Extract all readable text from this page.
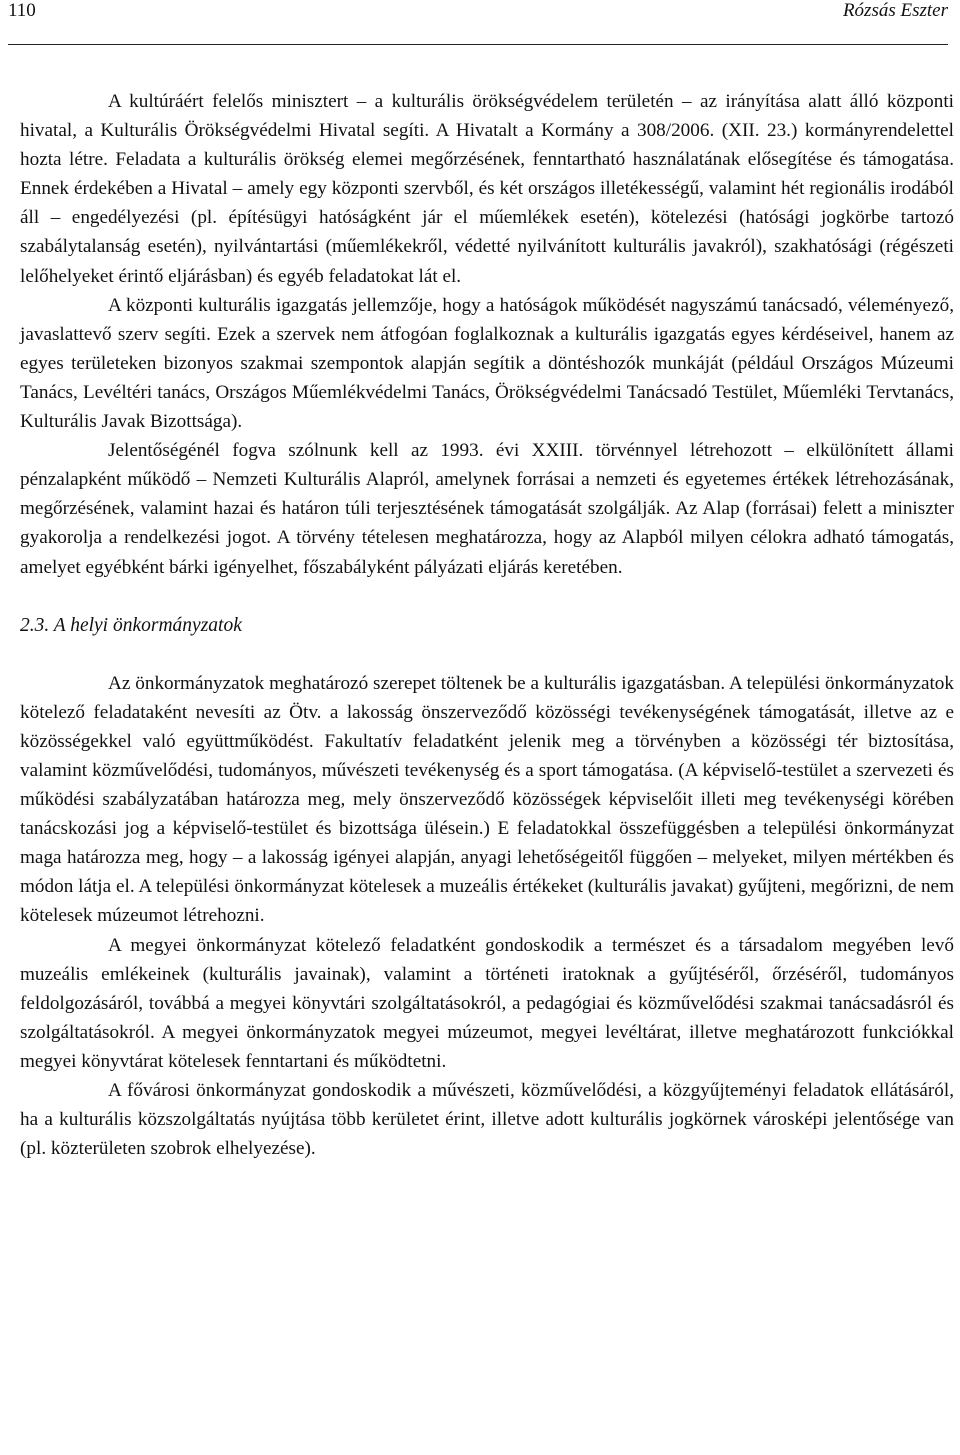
110	Rózsás Eszter

A kultúráért felelős minisztert – a kulturális örökségvédelem területén – az irányítása alatt álló központi hivatal, a Kulturális Örökségvédelmi Hivatal segíti. A Hivatalt a Kormány a 308/2006. (XII. 23.) kormányrendelettel hozta létre. Feladata a kulturális örökség elemei megőrzésének, fenntartható használatának elősegítése és támogatása. Ennek érdekében a Hivatal – amely egy központi szervből, és két országos illetékességű, valamint hét regionális irodából áll – engedélyezési (pl. építésügyi hatóságként jár el műemlékek esetén), kötelezési (hatósági jogkörbe tartozó szabálytalanság esetén), nyilvántartási (műemlékekről, védetté nyilvánított kulturális javakról), szakhatósági (régészeti lelőhelyeket érintő eljárásban) és egyéb feladatokat lát el.

A központi kulturális igazgatás jellemzője, hogy a hatóságok működését nagyszámú tanácsadó, véleményező, javaslattevő szerv segíti. Ezek a szervek nem átfogóan foglalkoznak a kulturális igazgatás egyes kérdéseivel, hanem az egyes területeken bizonyos szakmai szempontok alapján segítik a döntéshozók munkáját (például Országos Múzeumi Tanács, Levéltéri tanács, Országos Műemlékvédelmi Tanács, Örökségvédelmi Tanácsadó Testület, Műemléki Tervtanács, Kulturális Javak Bizottsága).

Jelentőségénél fogva szólnunk kell az 1993. évi XXIII. törvénnyel létrehozott – elkülönített állami pénzalapként működő – Nemzeti Kulturális Alapról, amelynek forrásai a nemzeti és egyetemes értékek létrehozásának, megőrzésének, valamint hazai és határon túli terjesztésének támogatását szolgálják. Az Alap (forrásai) felett a miniszter gyakorolja a rendelkezési jogot. A törvény tételesen meghatározza, hogy az Alapból milyen célokra adható támogatás, amelyet egyébként bárki igényelhet, főszabályként pályázati eljárás keretében.

2.3. A helyi önkormányzatok

Az önkormányzatok meghatározó szerepet töltenek be a kulturális igazgatásban. A települési önkormányzatok kötelező feladataként nevesíti az Ötv. a lakosság önszerveződő közösségi tevékenységének támogatását, illetve az e közösségekkel való együttműködést. Fakultatív feladatként jelenik meg a törvényben a közösségi tér biztosítása, valamint közművelődési, tudományos, művészeti tevékenység és a sport támogatása. (A képviselő-testület a szervezeti és működési szabályzatában határozza meg, mely önszerveződő közösségek képviselőit illeti meg tevékenységi körében tanácskozási jog a képviselő-testület és bizottsága ülésein.) E feladatokkal összefüggésben a települési önkormányzat maga határozza meg, hogy – a lakosság igényei alapján, anyagi lehetőségeitől függően – melyeket, milyen mértékben és módon látja el. A települési önkormányzat kötelesek a muzeális értékeket (kulturális javakat) gyűjteni, megőrizni, de nem kötelesek múzeumot létrehozni.

A megyei önkormányzat kötelező feladatként gondoskodik a természet és a társadalom megyében levő muzeális emlékeinek (kulturális javainak), valamint a történeti iratoknak a gyűjtéséről, őrzéséről, tudományos feldolgozásáról, továbbá a megyei könyvtári szolgáltatásokról, a pedagógiai és közművelődési szakmai tanácsadásról és szolgáltatásokról. A megyei önkormányzatok megyei múzeumot, megyei levéltárat, illetve meghatározott funkciókkal megyei könyvtárat kötelesek fenntartani és működtetni.

A fővárosi önkormányzat gondoskodik a művészeti, közművelődési, a közgyűjteményi feladatok ellátásáról, ha a kulturális közszolgáltatás nyújtása több kerületet érint, illetve adott kulturális jogkörnek városképi jelentősége van (pl. közterületen szobrok elhelyezése).
